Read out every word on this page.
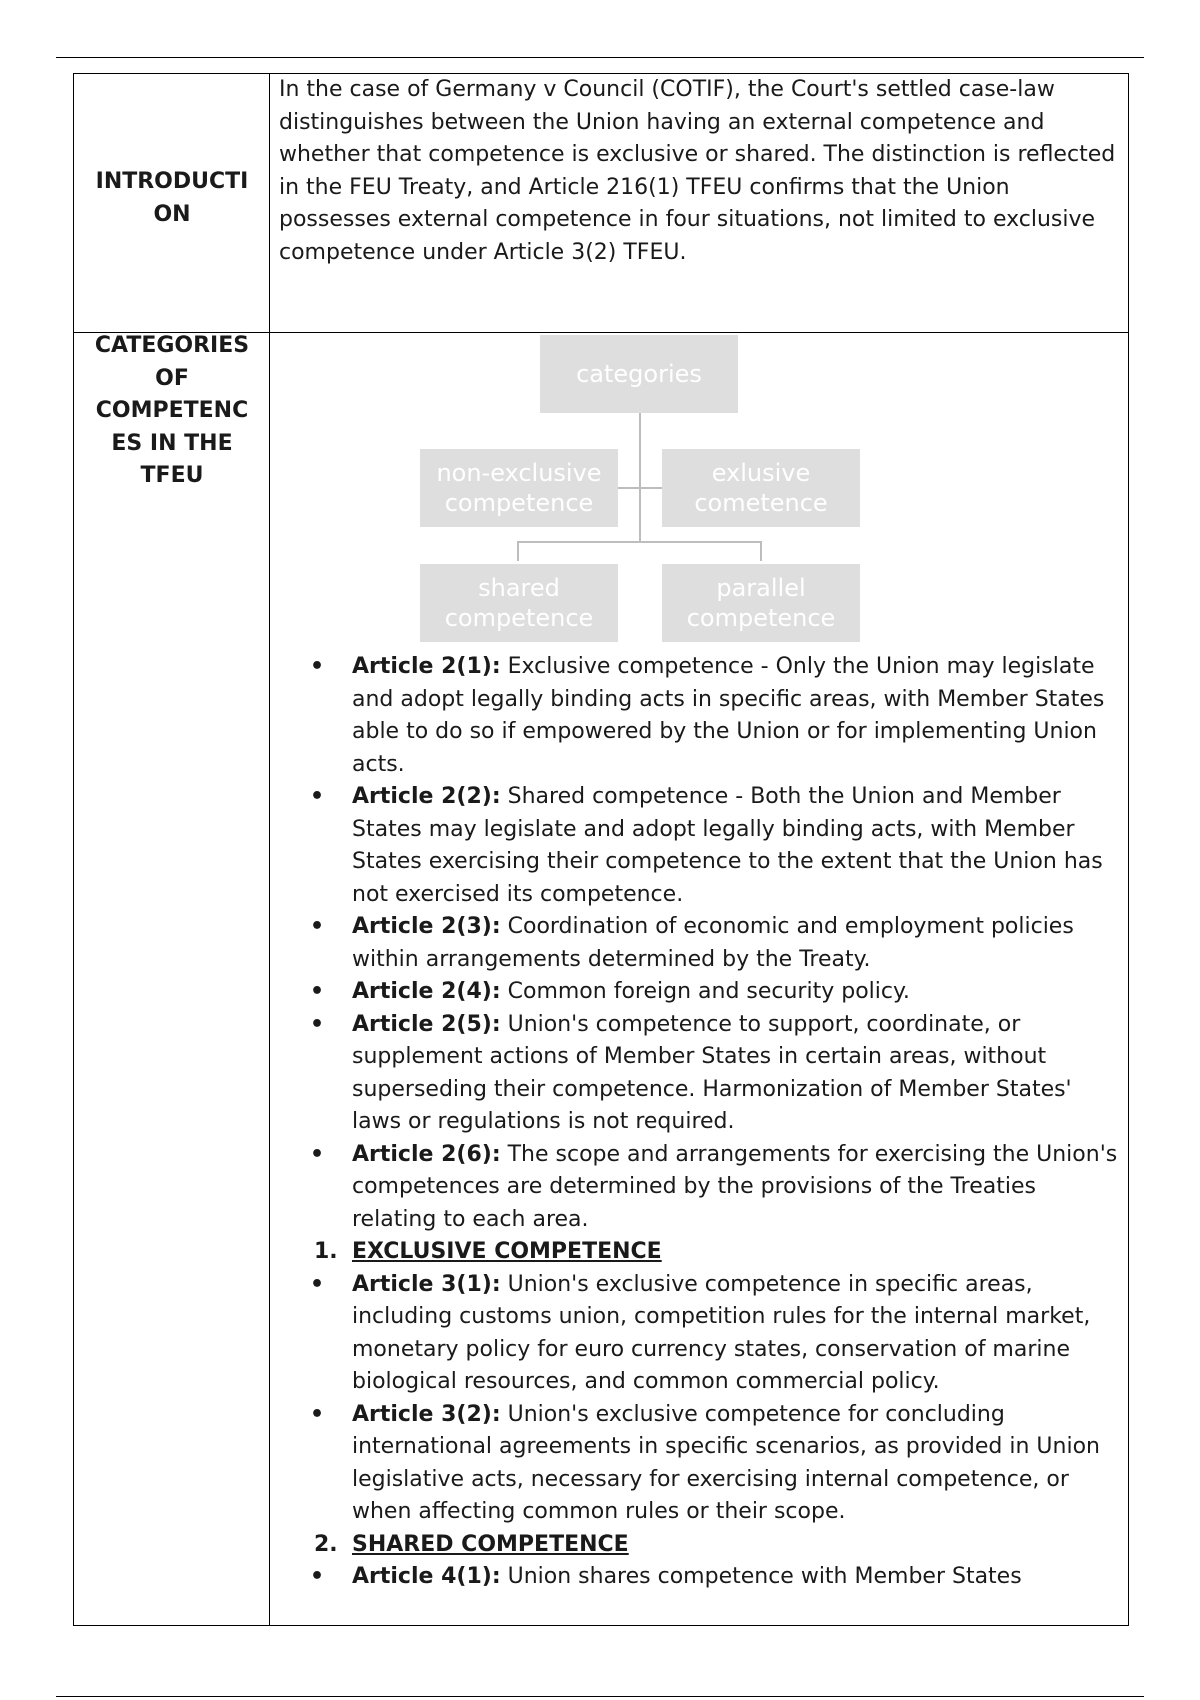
INTRODUCTI
ON

In the case of Germany v Council (COTIF), the Court's settled case-law distinguishes between the Union having an external competence and whether that competence is exclusive or shared. The distinction is reflected in the FEU Treaty, and Article 216(1) TFEU confirms that the Union possesses external competence in four situations, not limited to exclusive competence under Article 3(2) TFEU.

CATEGORIES
OF
COMPETENC
ES IN THE
TFEU
categories
non-exclusive
competence
exlusive
cometence
shared
competence
parallel
competence

• Article 2(1): Exclusive competence - Only the Union may legislate and adopt legally binding acts in specific areas, with Member States able to do so if empowered by the Union or for implementing Union acts.

• Article 2(2): Shared competence - Both the Union and Member States may legislate and adopt legally binding acts, with Member States exercising their competence to the extent that the Union has not exercised its competence.

• Article 2(3): Coordination of economic and employment policies within arrangements determined by the Treaty.

• Article 2(4): Common foreign and security policy.

• Article 2(5): Union's competence to support, coordinate, or supplement actions of Member States in certain areas, without superseding their competence. Harmonization of Member States' laws or regulations is not required.

• Article 2(6): The scope and arrangements for exercising the Union's competences are determined by the provisions of the Treaties relating to each area.

1. EXCLUSIVE COMPETENCE

• Article 3(1): Union's exclusive competence in specific areas, including customs union, competition rules for the internal market, monetary policy for euro currency states, conservation of marine biological resources, and common commercial policy.

• Article 3(2): Union's exclusive competence for concluding international agreements in specific scenarios, as provided in Union legislative acts, necessary for exercising internal competence, or when affecting common rules or their scope.

2. SHARED COMPETENCE

• Article 4(1): Union shares competence with Member States
